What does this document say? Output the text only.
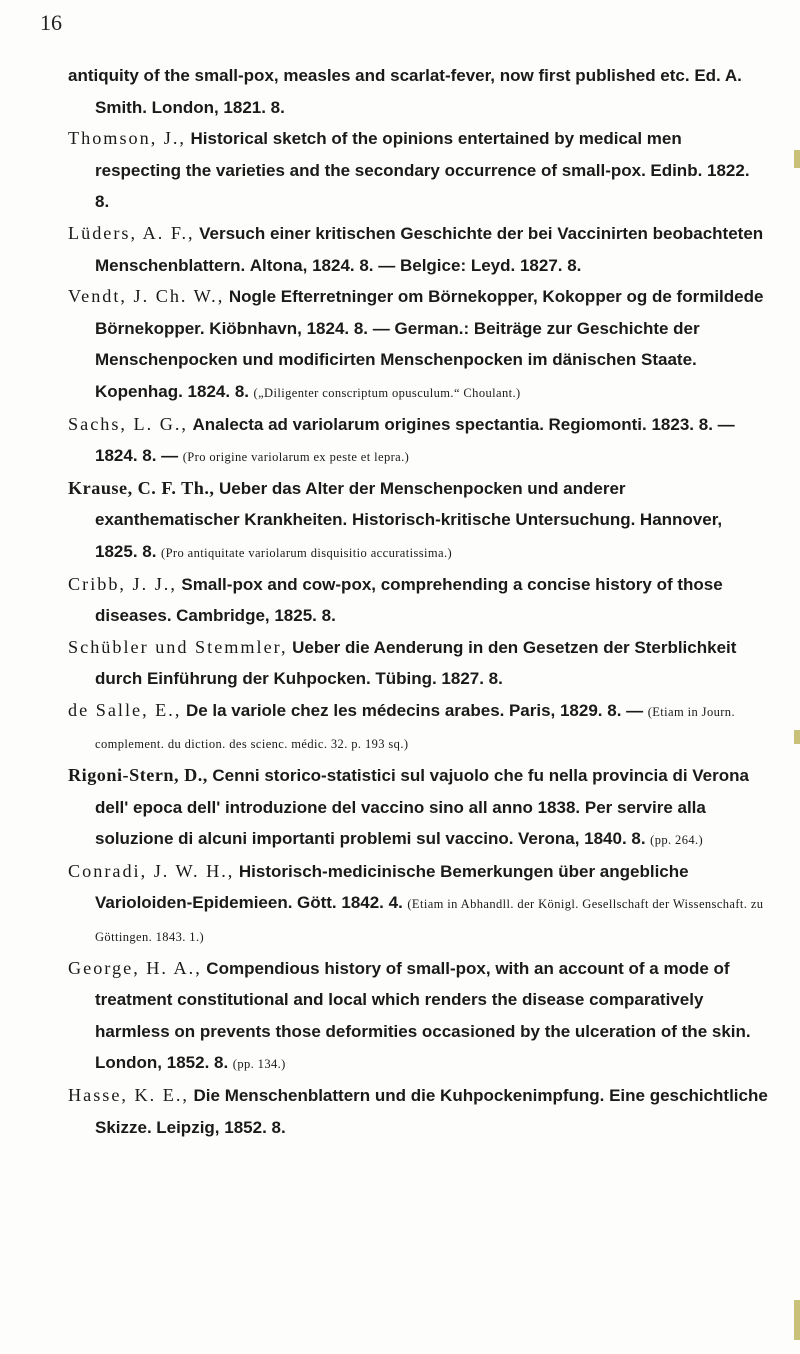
16

antiquity of the small-pox, measles and scarlat-fever, now first published etc. Ed. A. Smith. London, 1821. 8.

Thomson, J., Historical sketch of the opinions entertained by medical men respecting the varieties and the secondary occurrence of small-pox. Edinb. 1822. 8.

Lüders, A. F., Versuch einer kritischen Geschichte der bei Vaccinirten beobachteten Menschenblattern. Altona, 1824. 8. — Belgice: Leyd. 1827. 8.

Vendt, J. Ch. W., Nogle Efterretninger om Börnekopper, Kokopper og de formildede Börnekopper. Kiöbnhavn, 1824. 8. — German.: Beiträge zur Geschichte der Menschenpocken und modificirten Menschenpocken im dänischen Staate. Kopenhag. 1824. 8. („Diligenter conscriptum opusculum.“ Choulant.)

Sachs, L. G., Analecta ad variolarum origines spectantia. Regiomonti. 1823. 8. — 1824. 8. — (Pro origine variolarum ex peste et lepra.)

Krause, C. F. Th., Ueber das Alter der Menschenpocken und anderer exanthematischer Krankheiten. Historisch-kritische Untersuchung. Hannover, 1825. 8. (Pro antiquitate variolarum disquisitio accuratissima.)

Cribb, J. J., Small-pox and cow-pox, comprehending a concise history of those diseases. Cambridge, 1825. 8.

Schübler und Stemmler, Ueber die Aenderung in den Gesetzen der Sterblichkeit durch Einführung der Kuhpocken. Tübing. 1827. 8.

de Salle, E., De la variole chez les médecins arabes. Paris, 1829. 8. — (Etiam in Journ. complement. du diction. des scienc. médic. 32. p. 193 sq.)

Rigoni-Stern, D., Cenni storico-statistici sul vajuolo che fu nella provincia di Verona dell' epoca dell' introduzione del vaccino sino all anno 1838. Per servire alla soluzione di alcuni importanti problemi sul vaccino. Verona, 1840. 8. (pp. 264.)

Conradi, J. W. H., Historisch-medicinische Bemerkungen über angebliche Varioloiden-Epidemieen. Gött. 1842. 4. (Etiam in Abhandll. der Königl. Gesellschaft der Wissenschaft. zu Göttingen. 1843. 1.)

George, H. A., Compendious history of small-pox, with an account of a mode of treatment constitutional and local which renders the disease comparatively harmless on prevents those deformities occasioned by the ulceration of the skin. London, 1852. 8. (pp. 134.)

Hasse, K. E., Die Menschenblattern und die Kuhpockenimpfung. Eine geschichtliche Skizze. Leipzig, 1852. 8.
